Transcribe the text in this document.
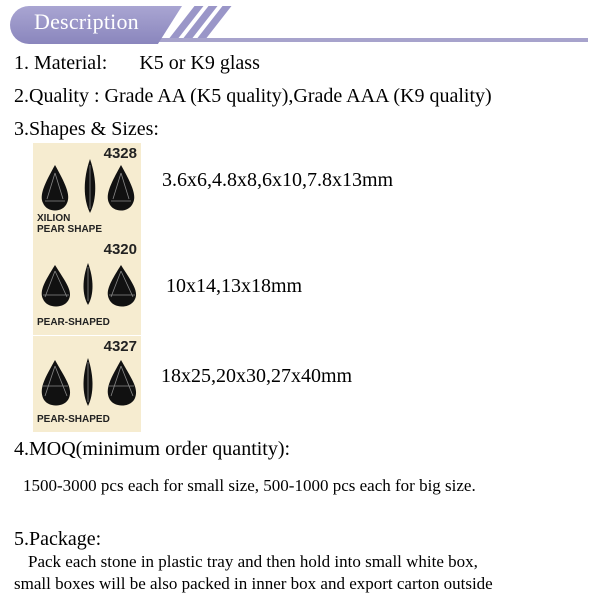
Description
1. Material: K5 or K9 glass
2.Quality : Grade AA (K5 quality),Grade AAA (K9 quality)
3.Shapes & Sizes:
4328
XILION
PEAR SHAPE
3.6x6,4.8x8,6x10,7.8x13mm
4320
PEAR-SHAPED
10x14,13x18mm
4327
PEAR-SHAPED
18x25,20x30,27x40mm
4.MOQ(minimum order quantity):
1500-3000 pcs each for small size, 500-1000 pcs each for big size.
5.Package:
Pack each stone in plastic tray and then hold into small white box,
small boxes will be also packed in inner box and export carton outside
